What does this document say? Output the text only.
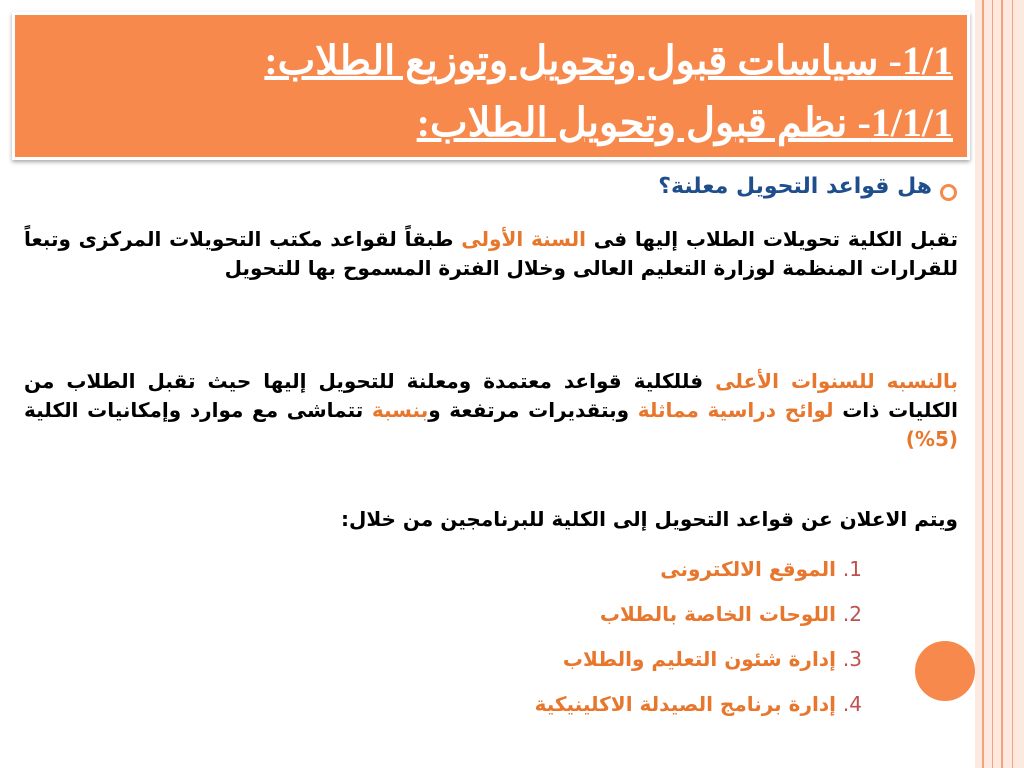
1/1- سياسات قبول وتحويل وتوزيع الطلاب:
1/1/1- نظم قبول وتحويل الطلاب:
هل قواعد التحويل معلنة؟
تقبل الكلية تحويلات الطلاب إليها فى السنة الأولى طبقاً لقواعد مكتب التحويلات المركزى وتبعاً للقرارات المنظمة لوزارة التعليم العالى وخلال الفترة المسموح بها للتحويل
بالنسبه للسنوات الأعلى فللكلية قواعد معتمدة ومعلنة للتحويل إليها حيث تقبل الطلاب من الكليات ذات لوائح دراسية مماثلة وبتقديرات مرتفعة وبنسبة تتماشى مع موارد وإمكانيات الكلية (5%)
ويتم الاعلان عن قواعد التحويل إلى الكلية للبرنامجين من خلال:
1. الموقع الالكترونى
2. اللوحات الخاصة بالطلاب
3. إدارة شئون التعليم والطلاب
4. إدارة برنامج الصيدلة الاكلينيكية
